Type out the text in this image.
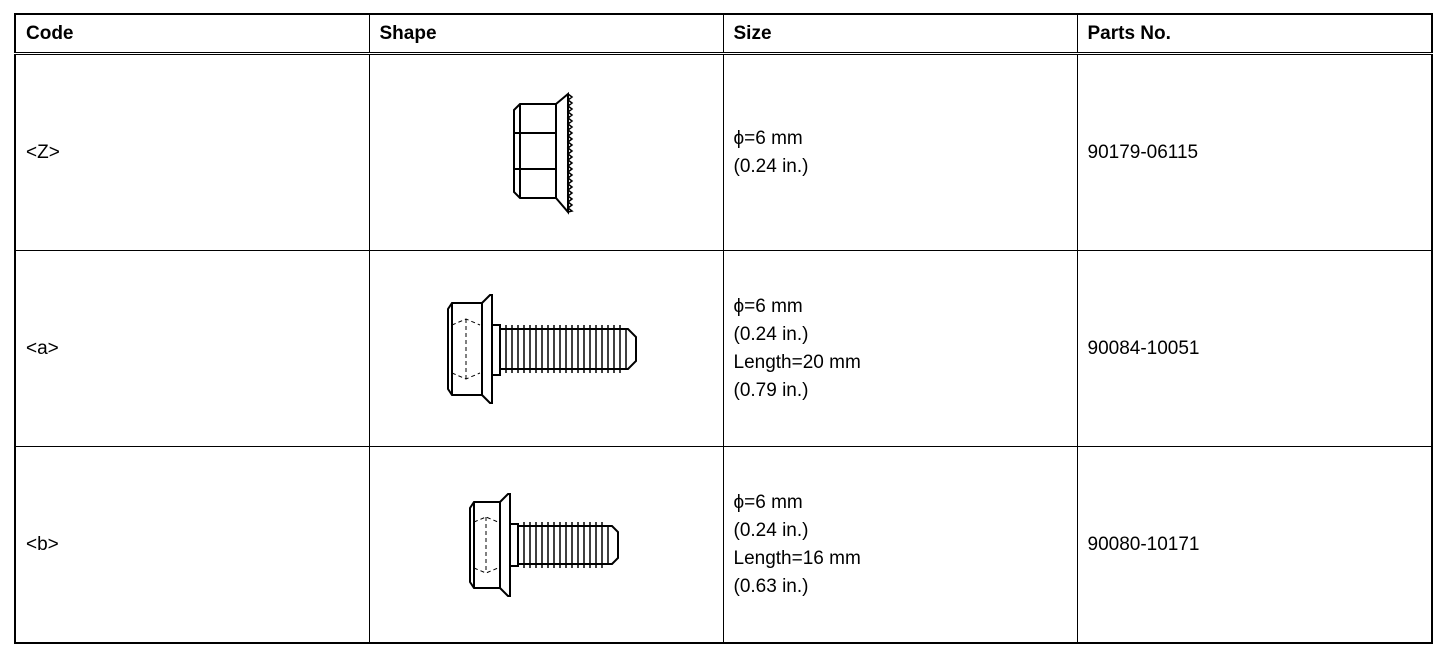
Code	Shape	Size	Parts No.
<Z>		ϕ=6 mm
(0.24 in.)	90179-06115
<a>		ϕ=6 mm
(0.24 in.)
Length=20 mm
(0.79 in.)	90084-10051
<b>		ϕ=6 mm
(0.24 in.)
Length=16 mm
(0.63 in.)	90080-10171
